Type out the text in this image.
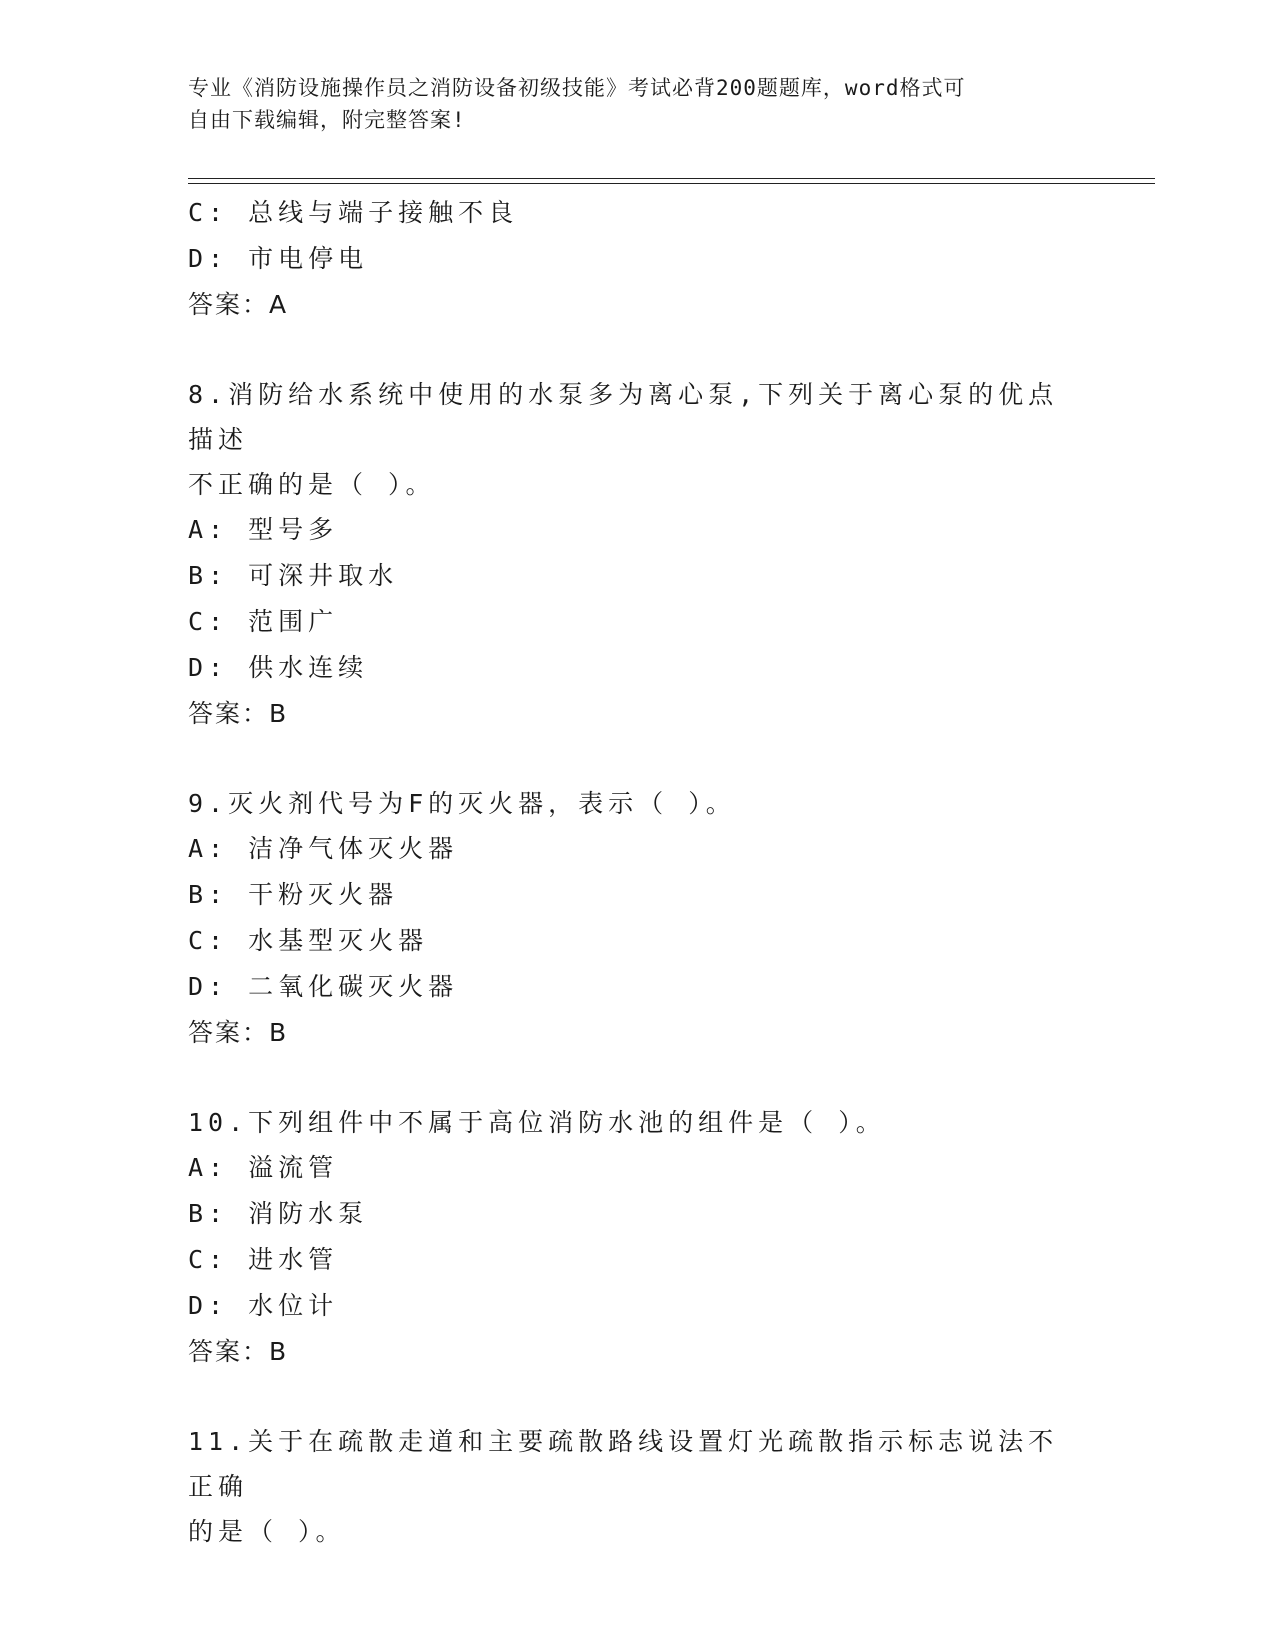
专业《消防设施操作员之消防设备初级技能》考试必背200题题库，word格式可
自由下载编辑，附完整答案!
C: 总线与端子接触不良
D: 市电停电
答案：A
8.消防给水系统中使用的水泵多为离心泵,下列关于离心泵的优点描述
不正确的是（ ）。
A: 型号多
B: 可深井取水
C: 范围广
D: 供水连续
答案：B
9.灭火剂代号为F的灭火器，表示（ ）。
A: 洁净气体灭火器
B: 干粉灭火器
C: 水基型灭火器
D: 二氧化碳灭火器
答案：B
10.下列组件中不属于高位消防水池的组件是（ ）。
A: 溢流管
B: 消防水泵
C: 进水管
D: 水位计
答案：B
11.关于在疏散走道和主要疏散路线设置灯光疏散指示标志说法不正确
的是（ ）。
